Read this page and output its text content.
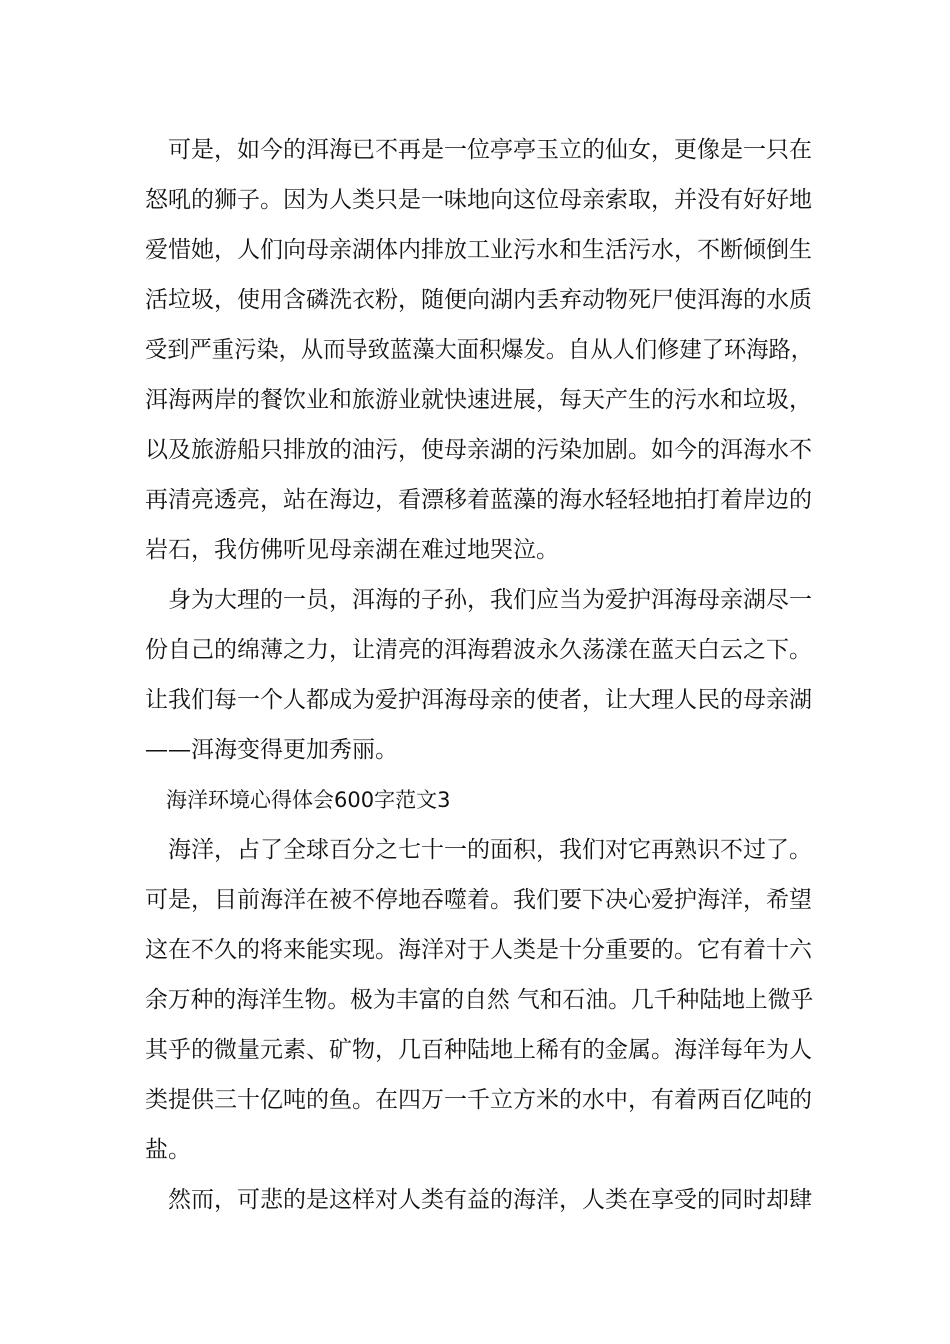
　可是，如今的洱海已不再是一位亭亭玉立的仙女，更像是一只在
怒吼的狮子。因为人类只是一味地向这位母亲索取，并没有好好地
爱惜她，人们向母亲湖体内排放工业污水和生活污水，不断倾倒生
活垃圾，使用含磷洗衣粉，随便向湖内丢弃动物死尸使洱海的水质
受到严重污染，从而导致蓝藻大面积爆发。自从人们修建了环海路，
洱海两岸的餐饮业和旅游业就快速进展，每天产生的污水和垃圾，
以及旅游船只排放的油污，使母亲湖的污染加剧。如今的洱海水不
再清亮透亮，站在海边，看漂移着蓝藻的海水轻轻地拍打着岸边的
岩石，我仿佛听见母亲湖在难过地哭泣。
　身为大理的一员，洱海的子孙，我们应当为爱护洱海母亲湖尽一
份自己的绵薄之力，让清亮的洱海碧波永久荡漾在蓝天白云之下。
让我们每一个人都成为爱护洱海母亲的使者，让大理人民的母亲湖
——洱海变得更加秀丽。
　海洋环境心得体会600字范文3
　海洋，占了全球百分之七十一的面积，我们对它再熟识不过了。
可是，目前海洋在被不停地吞噬着。我们要下决心爱护海洋，希望
这在不久的将来能实现。海洋对于人类是十分重要的。它有着十六
余万种的海洋生物。极为丰富的自然 气和石油。几千种陆地上微乎
其乎的微量元素、矿物，几百种陆地上稀有的金属。海洋每年为人
类提供三十亿吨的鱼。在四万一千立方米的水中，有着两百亿吨的
盐。
　然而，可悲的是这样对人类有益的海洋，人类在享受的同时却肆
